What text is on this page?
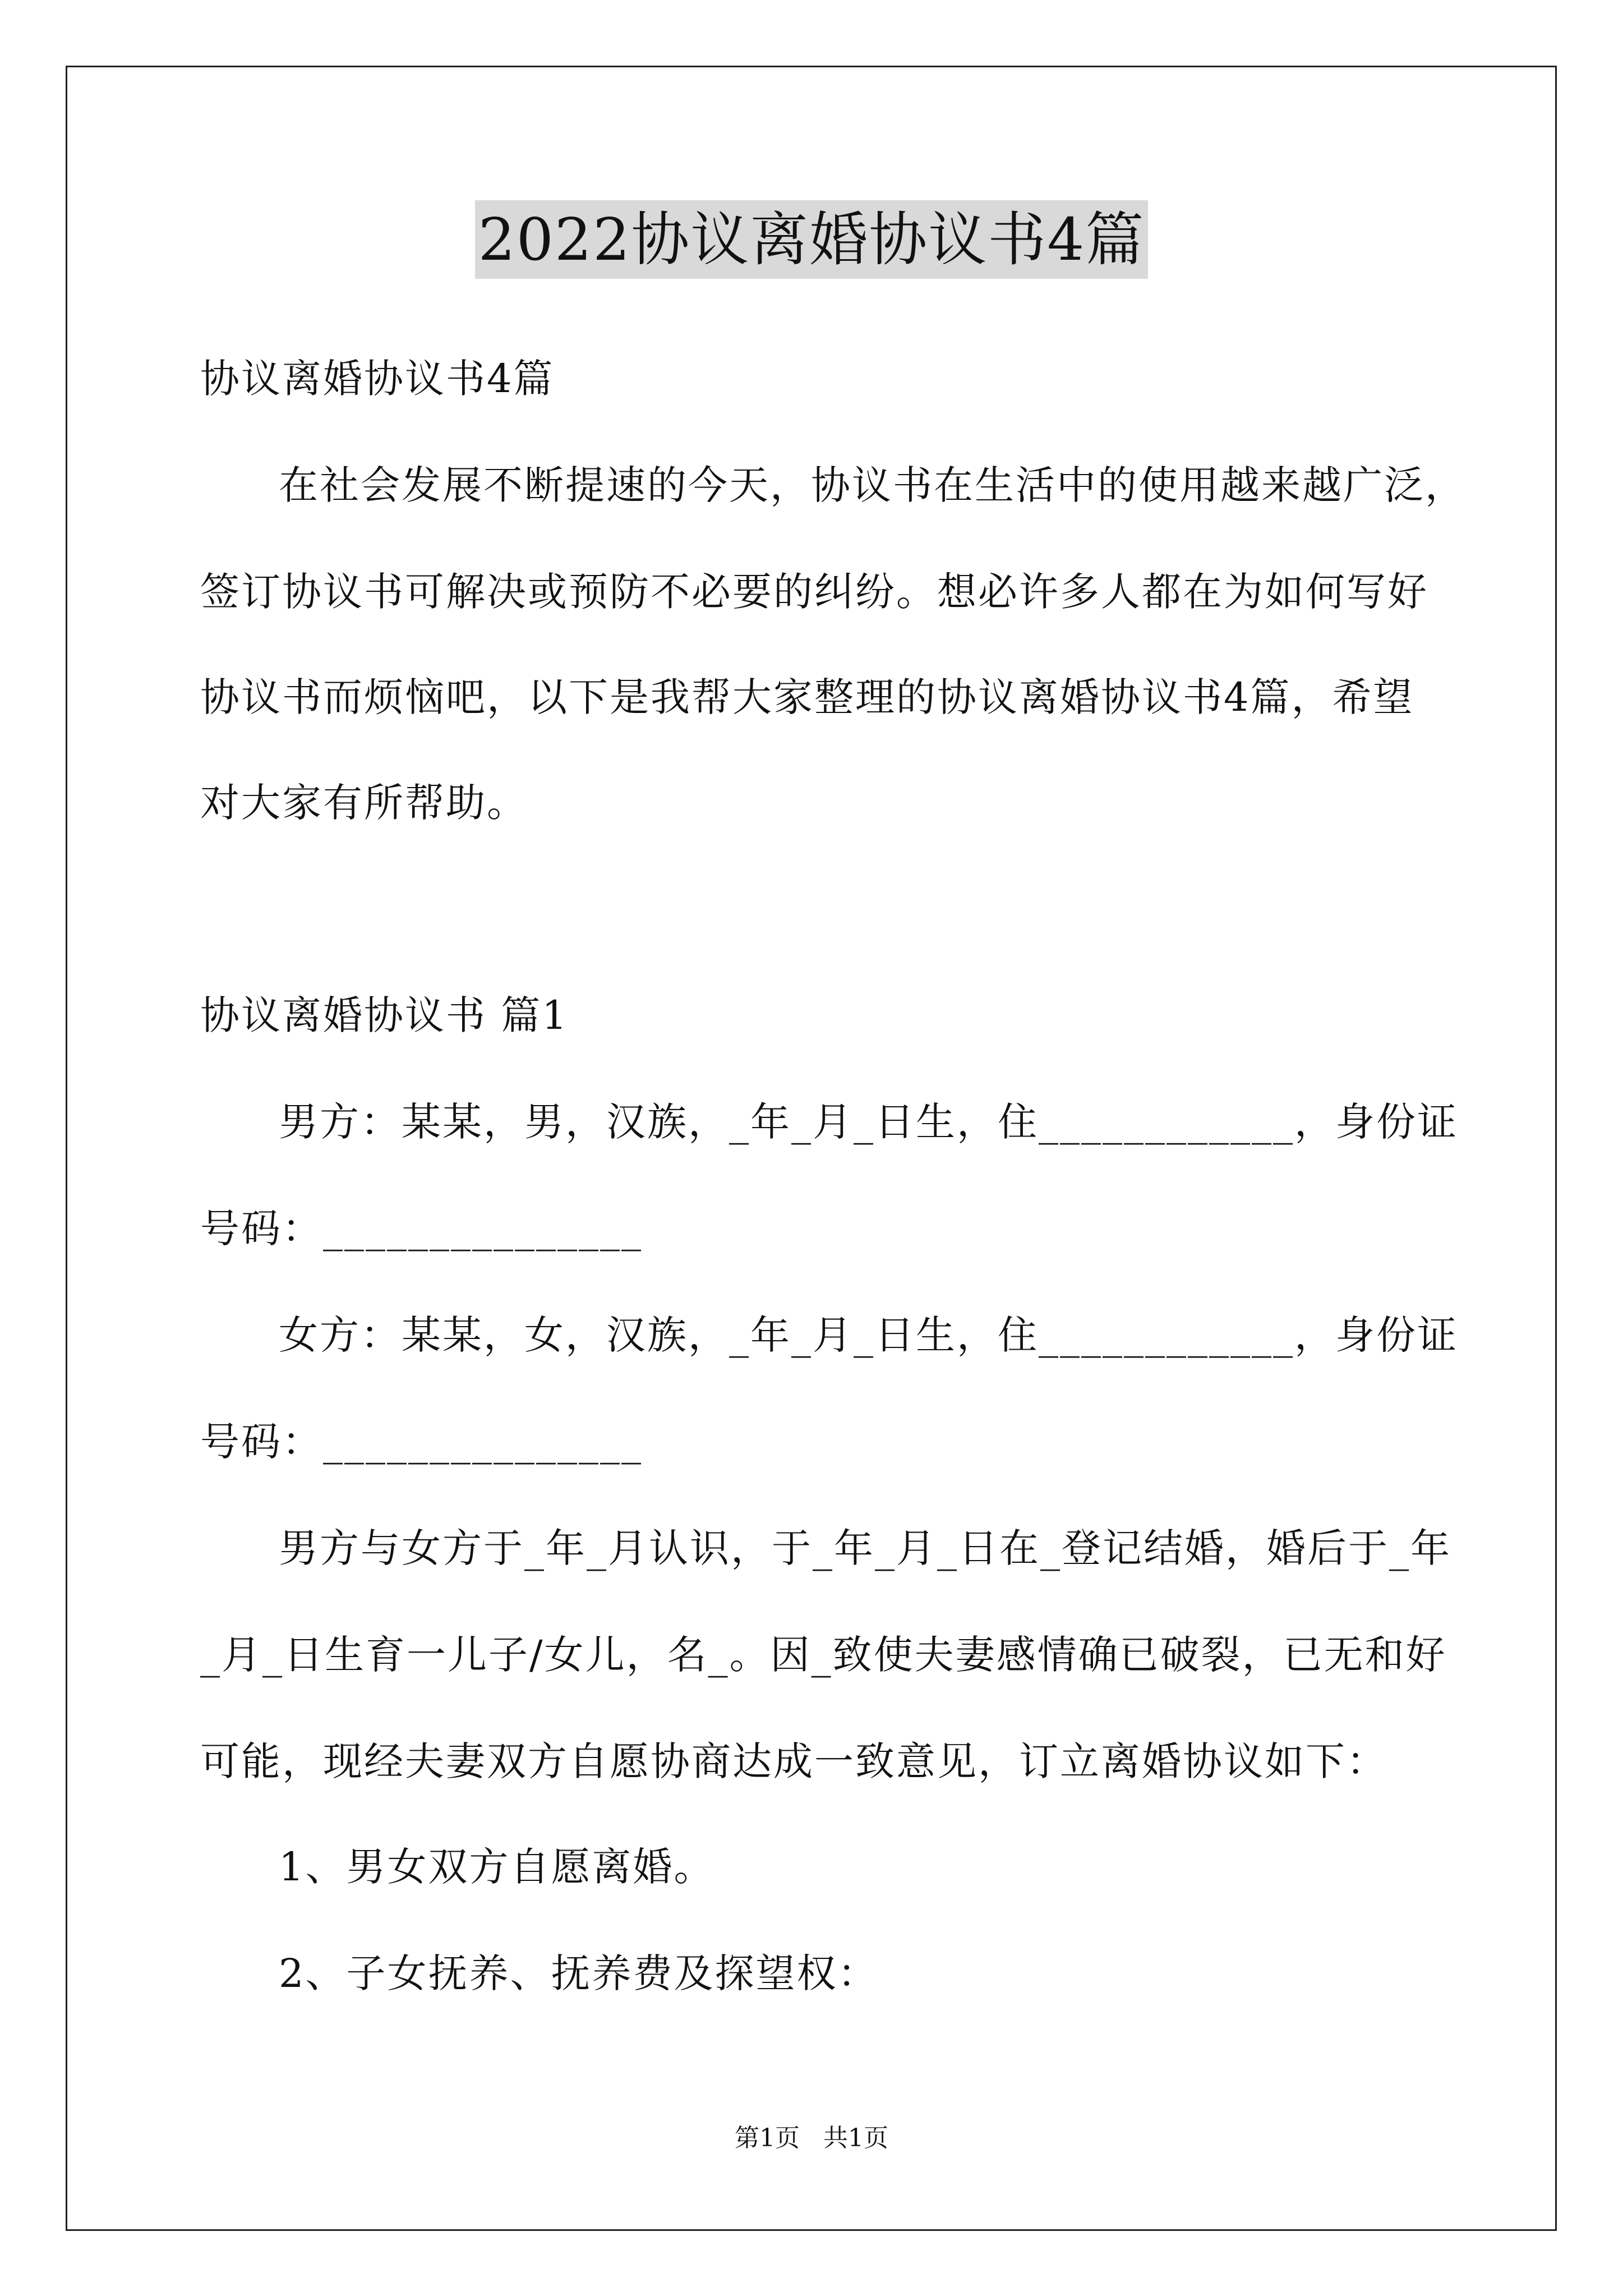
2022协议离婚协议书4篇
协议离婚协议书4篇
在社会发展不断提速的今天，协议书在生活中的使用越来越广泛，
签订协议书可解决或预防不必要的纠纷。想必许多人都在为如何写好
协议书而烦恼吧，以下是我帮大家整理的协议离婚协议书4篇，希望
对大家有所帮助。
协议离婚协议书 篇1
男方：某某，男，汉族，_年_月_日生，住____________，身份证
号码：_______________
女方：某某，女，汉族，_年_月_日生，住____________，身份证
号码：_______________
男方与女方于_年_月认识，于_年_月_日在_登记结婚，婚后于_年
_月_日生育一儿子/女儿，名_。因_致使夫妻感情确已破裂，已无和好
可能，现经夫妻双方自愿协商达成一致意见，订立离婚协议如下：
1、男女双方自愿离婚。
2、子女抚养、抚养费及探望权：
第1页 共1页
